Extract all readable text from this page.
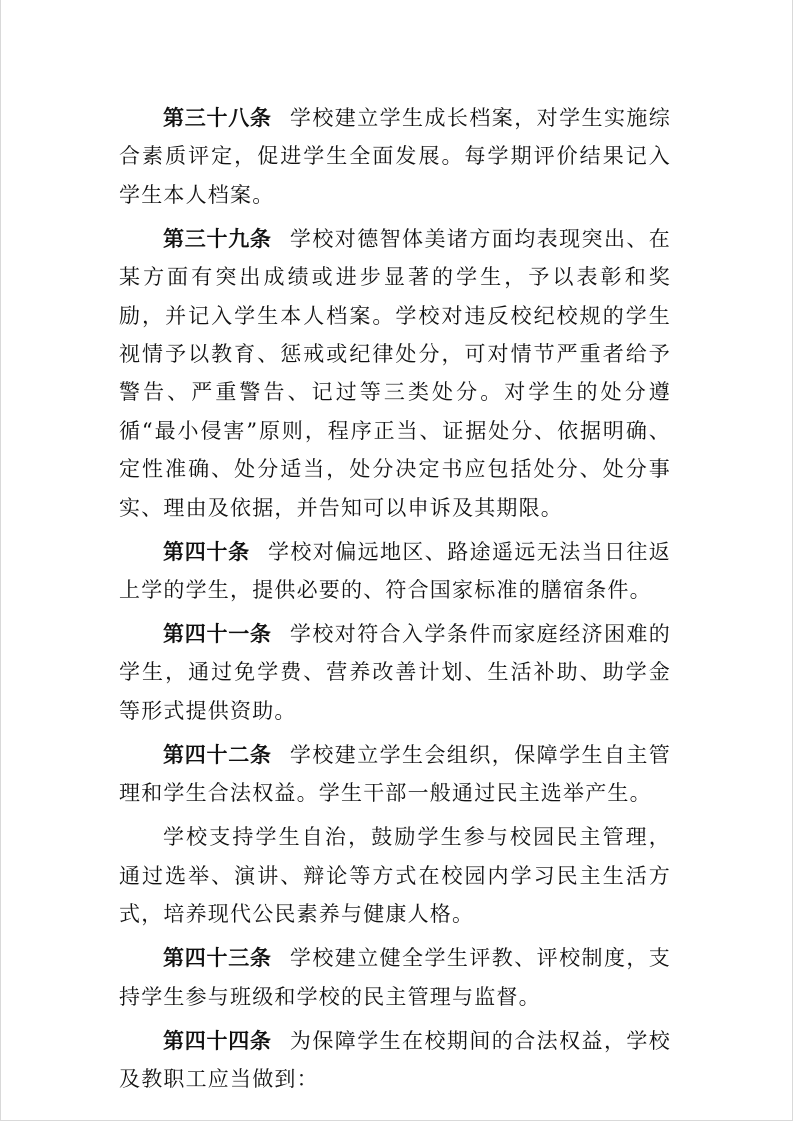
第三十八条 学校建立学生成长档案，对学生实施综合素质评定，促进学生全面发展。每学期评价结果记入学生本人档案。

第三十九条 学校对德智体美诸方面均表现突出、在某方面有突出成绩或进步显著的学生，予以表彰和奖励，并记入学生本人档案。学校对违反校纪校规的学生视情予以教育、惩戒或纪律处分，可对情节严重者给予警告、严重警告、记过等三类处分。对学生的处分遵循“最小侵害”原则，程序正当、证据处分、依据明确、定性准确、处分适当，处分决定书应包括处分、处分事实、理由及依据，并告知可以申诉及其期限。

第四十条 学校对偏远地区、路途遥远无法当日往返上学的学生，提供必要的、符合国家标准的膳宿条件。

第四十一条 学校对符合入学条件而家庭经济困难的学生，通过免学费、营养改善计划、生活补助、助学金等形式提供资助。

第四十二条 学校建立学生会组织，保障学生自主管理和学生合法权益。学生干部一般通过民主选举产生。

学校支持学生自治，鼓励学生参与校园民主管理，通过选举、演讲、辩论等方式在校园内学习民主生活方式，培养现代公民素养与健康人格。

第四十三条 学校建立健全学生评教、评校制度，支持学生参与班级和学校的民主管理与监督。

第四十四条 为保障学生在校期间的合法权益，学校及教职工应当做到：
